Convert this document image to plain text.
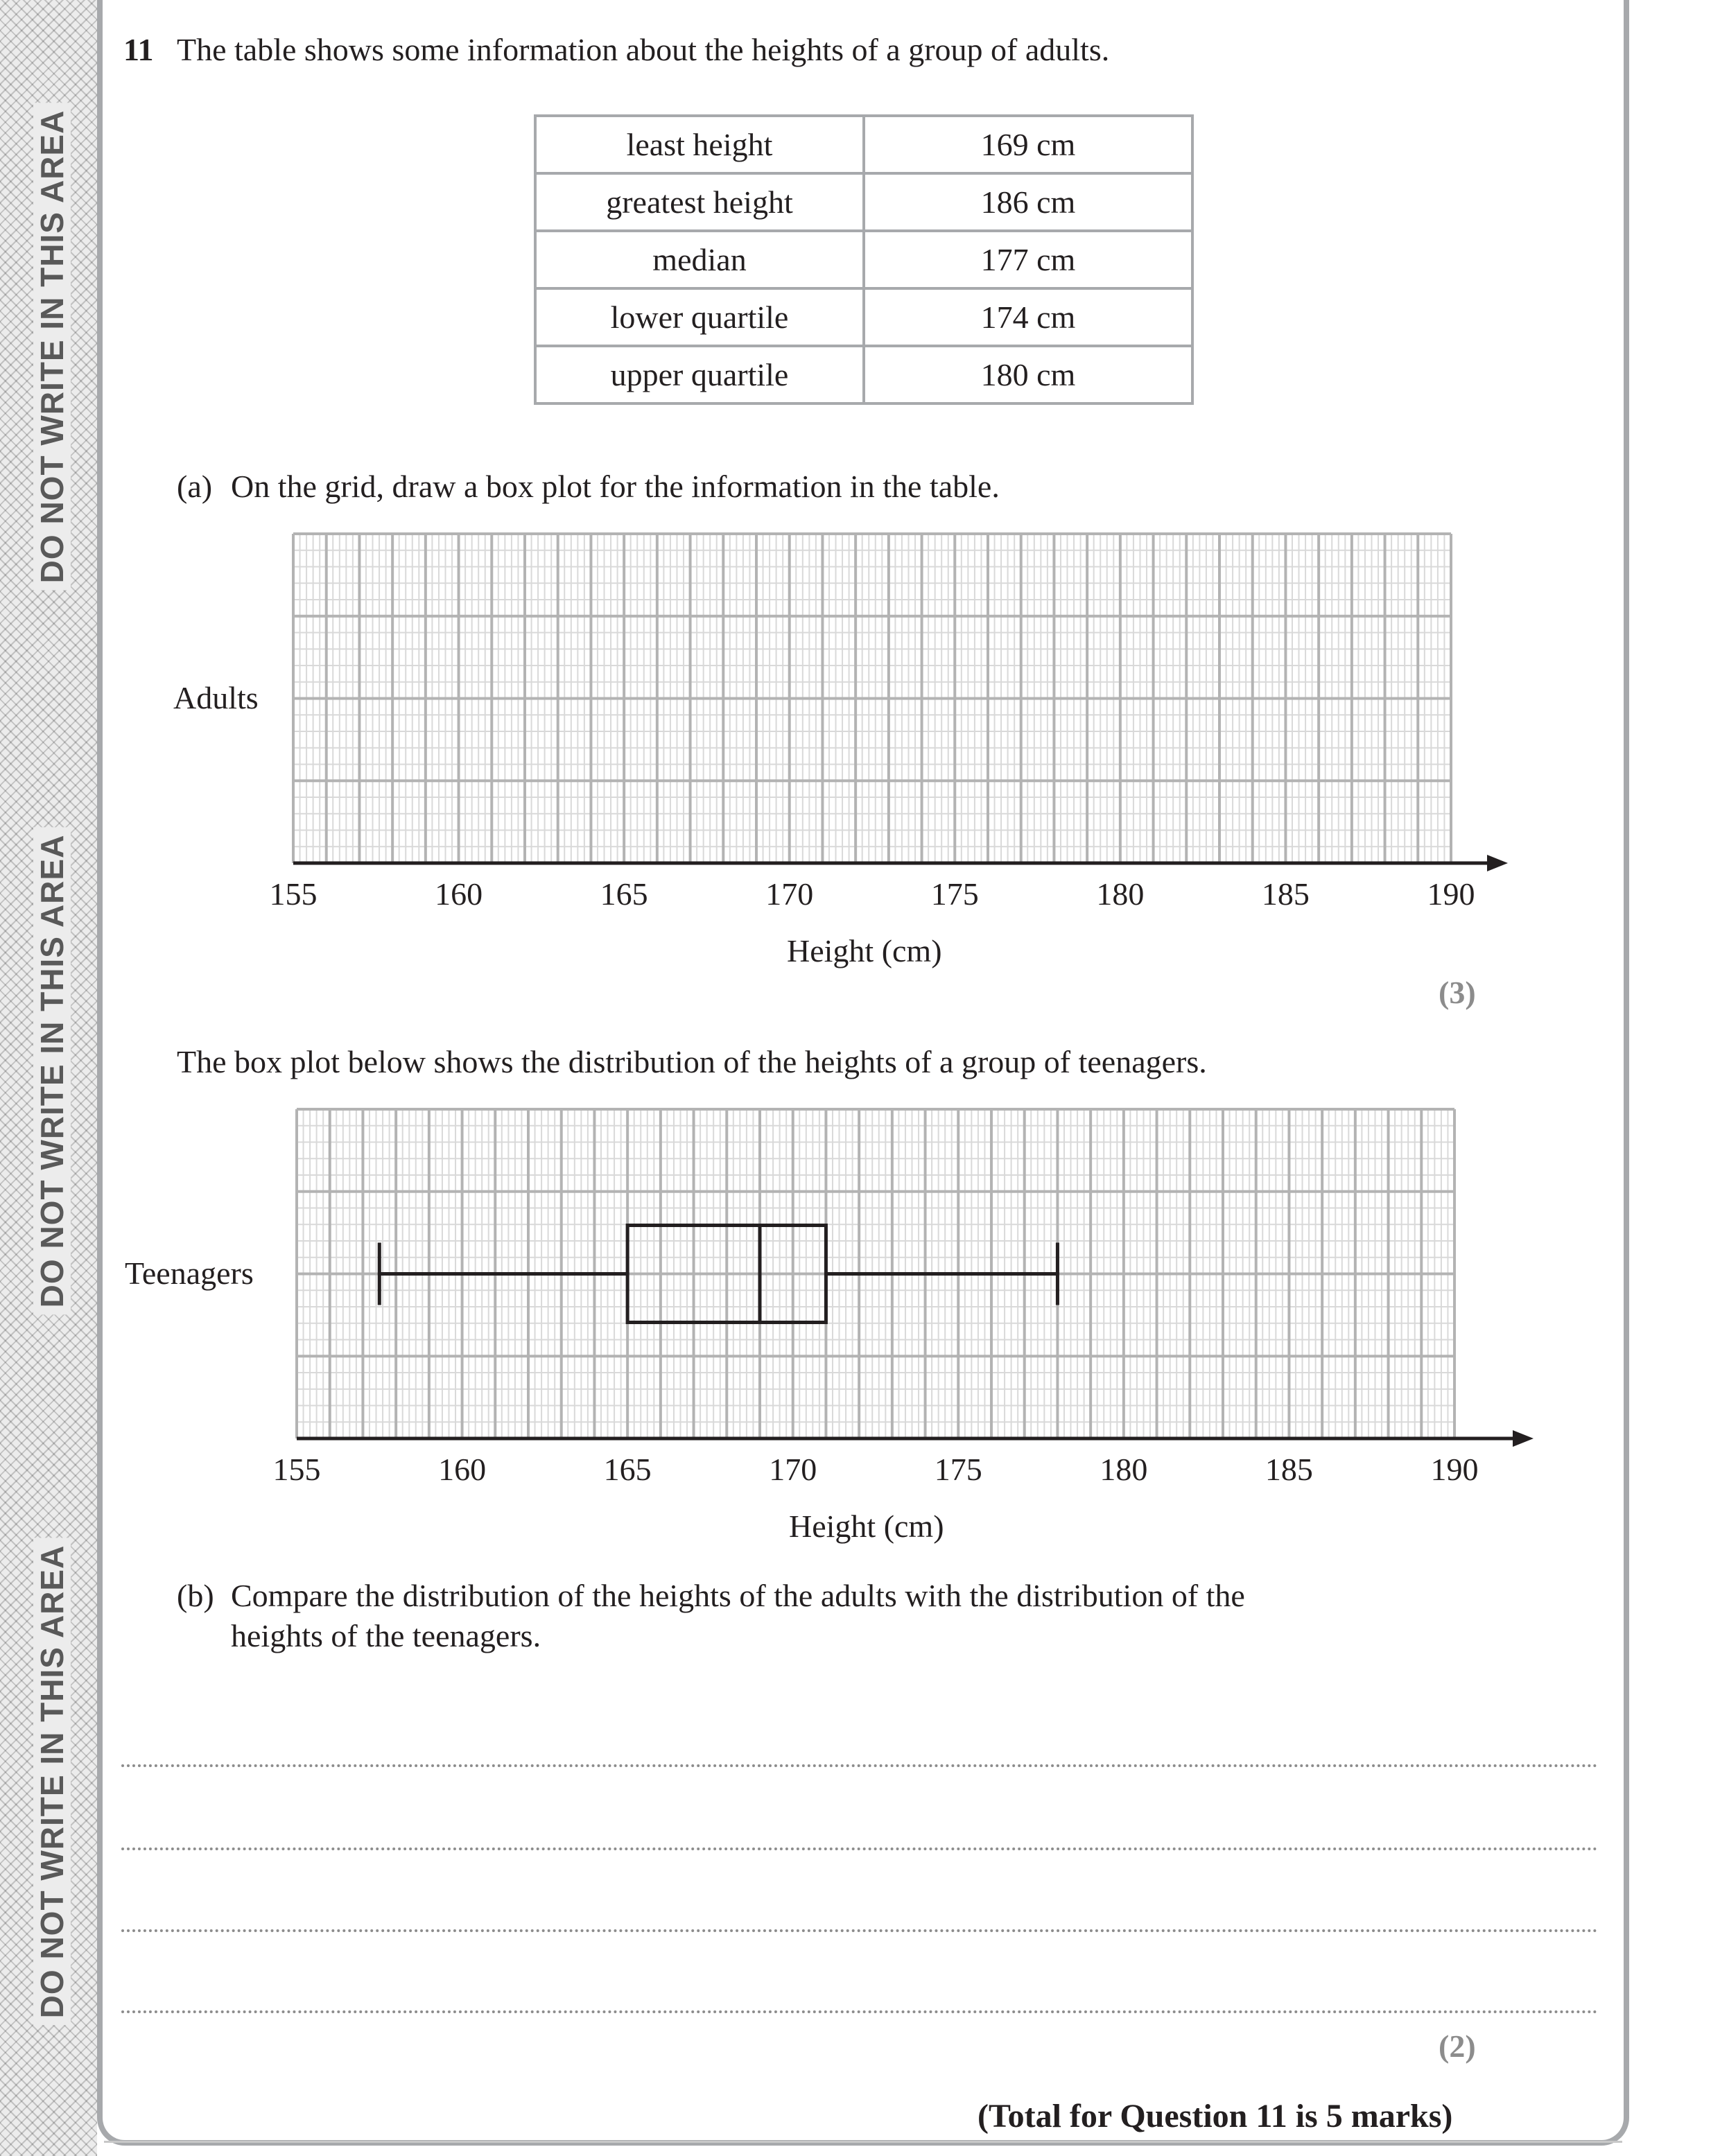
DO NOT WRITE IN THIS AREA
DO NOT WRITE IN THIS AREA
DO NOT WRITE IN THIS AREA
11 The table shows some information about the heights of a group of adults.
least height	169 cm
greatest height	186 cm
median	177 cm
lower quartile	174 cm
upper quartile	180 cm
(a) On the grid, draw a box plot for the information in the table.
Adults
155	160	165	170	175	180	185	190
Height (cm)
(3)
The box plot below shows the distribution of the heights of a group of teenagers.
Teenagers
155	160	165	170	175	180	185	190
Height (cm)
(b) Compare the distribution of the heights of the adults with the distribution of the
heights of the teenagers.
(2)
(Total for Question 11 is 5 marks)
